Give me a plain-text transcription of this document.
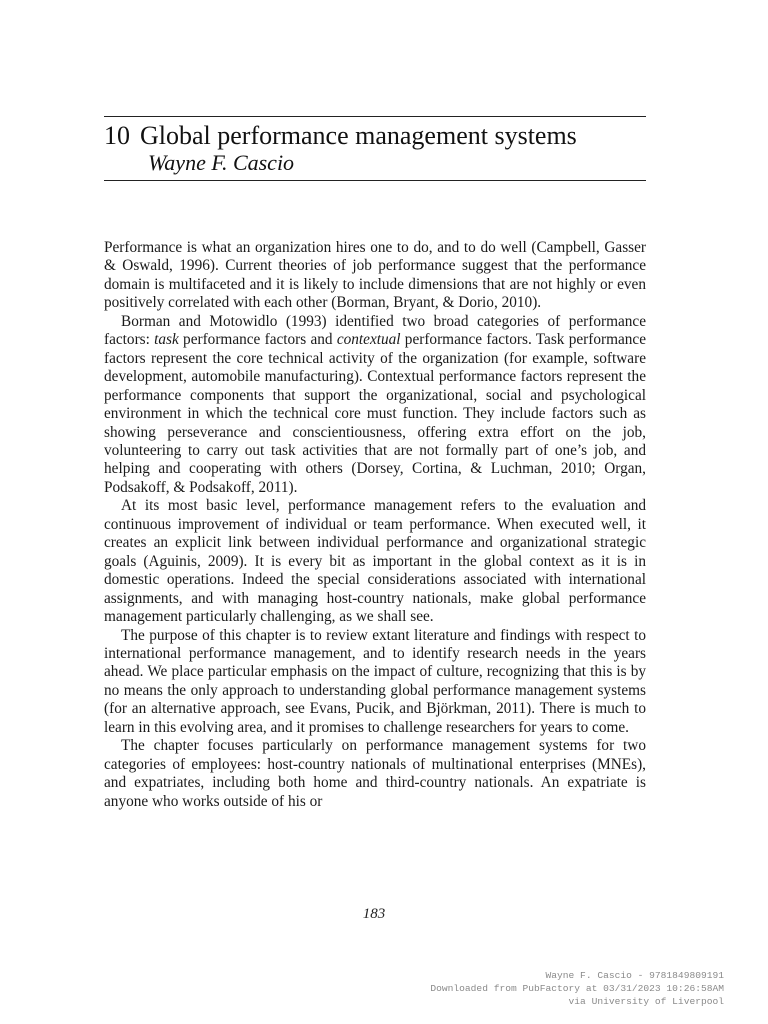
10 Global performance management systems
Wayne F. Cascio

Performance is what an organization hires one to do, and to do well (Campbell, Gasser & Oswald, 1996). Current theories of job performance suggest that the performance domain is multifaceted and it is likely to include dimensions that are not highly or even positively correlated with each other (Borman, Bryant, & Dorio, 2010).

Borman and Motowidlo (1993) identified two broad categories of performance factors: task performance factors and contextual performance factors. Task performance factors represent the core technical activity of the organization (for example, software development, automobile manufacturing). Contextual performance factors represent the performance components that support the organizational, social and psychological environment in which the technical core must function. They include factors such as showing perseverance and conscientiousness, offering extra effort on the job, volunteering to carry out task activities that are not formally part of one’s job, and helping and cooperating with others (Dorsey, Cortina, & Luchman, 2010; Organ, Podsakoff, & Podsakoff, 2011).

At its most basic level, performance management refers to the evaluation and continuous improvement of individual or team performance. When executed well, it creates an explicit link between individual performance and organizational strategic goals (Aguinis, 2009). It is every bit as important in the global context as it is in domestic operations. Indeed the special considerations associated with international assignments, and with managing host-country nationals, make global performance management particularly challenging, as we shall see.

The purpose of this chapter is to review extant literature and findings with respect to international performance management, and to identify research needs in the years ahead. We place particular emphasis on the impact of culture, recognizing that this is by no means the only approach to understanding global performance management systems (for an alternative approach, see Evans, Pucik, and Björkman, 2011). There is much to learn in this evolving area, and it promises to challenge researchers for years to come.

The chapter focuses particularly on performance management systems for two categories of employees: host-country nationals of multinational enterprises (MNEs), and expatriates, including both home and third-country nationals. An expatriate is anyone who works outside of his or

183
Wayne F. Cascio - 9781849809191
Downloaded from PubFactory at 03/31/2023 10:26:58AM
via University of Liverpool
